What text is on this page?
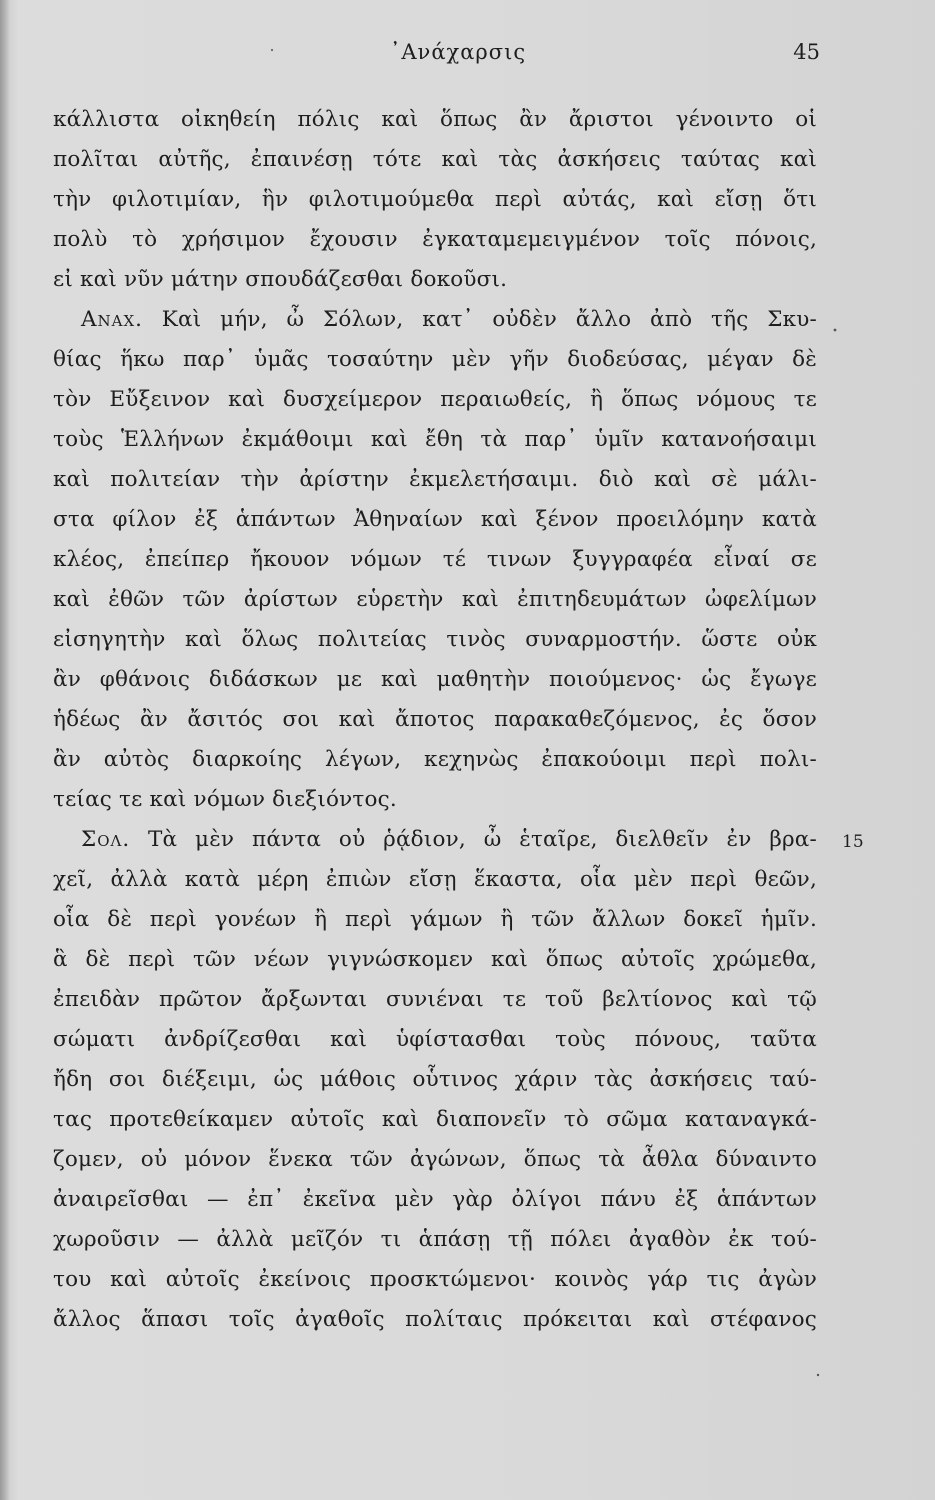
᾿Ανάχαρσις	45
κάλλιστα οἰκηθείη πόλις καὶ ὅπως ἂν ἄριστοι γένοιντο οἱ
πολῖται αὐτῆς, ἐπαινέσῃ τότε καὶ τὰς ἀσκήσεις ταύτας καὶ
τὴν φιλοτιμίαν, ἣν φιλοτιμούμεθα περὶ αὐτάς, καὶ εἴσῃ ὅτι
πολὺ τὸ χρήσιμον ἔχουσιν ἐγκαταμεμειγμένον τοῖς πόνοις,
εἰ καὶ νῦν μάτην σπουδάζεσθαι δοκοῦσι.
Αναχ. Καὶ μήν, ὦ Σόλων, κατ᾿ οὐδὲν ἄλλο ἀπὸ τῆς Σκυ-
θίας ἥκω παρ᾿ ὑμᾶς τοσαύτην μὲν γῆν διοδεύσας, μέγαν δὲ
τὸν Εὔξεινον καὶ δυσχείμερον περαιωθείς, ἢ ὅπως νόμους τε
τοὺς Ἑλλήνων ἐκμάθοιμι καὶ ἔθη τὰ παρ᾿ ὑμῖν κατανοήσαιμι
καὶ πολιτείαν τὴν ἀρίστην ἐκμελετήσαιμι. διὸ καὶ σὲ μάλι-
στα φίλον ἐξ ἁπάντων Ἀθηναίων καὶ ξένον προειλόμην κατὰ
κλέος, ἐπείπερ ἤκουον νόμων τέ τινων ξυγγραφέα εἶναί σε
καὶ ἐθῶν τῶν ἀρίστων εὑρετὴν καὶ ἐπιτηδευμάτων ὠφελίμων
εἰσηγητὴν καὶ ὅλως πολιτείας τινὸς συναρμοστήν. ὥστε οὐκ
ἂν φθάνοις διδάσκων με καὶ μαθητὴν ποιούμενος· ὡς ἔγωγε
ἡδέως ἂν ἄσιτός σοι καὶ ἄποτος παρακαθεζόμενος, ἐς ὅσον
ἂν αὐτὸς διαρκοίης λέγων, κεχηνὼς ἐπακούοιμι περὶ πολι-
τείας τε καὶ νόμων διεξιόντος.
Σολ. Τὰ μὲν πάντα οὐ ῥᾴδιον, ὦ ἑταῖρε, διελθεῖν ἐν βρα-
χεῖ, ἀλλὰ κατὰ μέρη ἐπιὼν εἴσῃ ἕκαστα, οἷα μὲν περὶ θεῶν,
οἷα δὲ περὶ γονέων ἢ περὶ γάμων ἢ τῶν ἄλλων δοκεῖ ἡμῖν.
ἃ δὲ περὶ τῶν νέων γιγνώσκομεν καὶ ὅπως αὐτοῖς χρώμεθα,
ἐπειδὰν πρῶτον ἄρξωνται συνιέναι τε τοῦ βελτίονος καὶ τῷ
σώματι ἀνδρίζεσθαι καὶ ὑφίστασθαι τοὺς πόνους, ταῦτα
ἤδη σοι διέξειμι, ὡς μάθοις οὗτινος χάριν τὰς ἀσκήσεις ταύ-
τας προτεθείκαμεν αὐτοῖς καὶ διαπονεῖν τὸ σῶμα καταναγκά-
ζομεν, οὐ μόνον ἕνεκα τῶν ἀγώνων, ὅπως τὰ ἆθλα δύναιντο
ἀναιρεῖσθαι — ἐπ᾿ ἐκεῖνα μὲν γὰρ ὀλίγοι πάνυ ἐξ ἁπάντων
χωροῦσιν — ἀλλὰ μεῖζόν τι ἁπάσῃ τῇ πόλει ἀγαθὸν ἐκ τού-
του καὶ αὐτοῖς ἐκείνοις προσκτώμενοι· κοινὸς γάρ τις ἀγὼν
ἄλλος ἅπασι τοῖς ἀγαθοῖς πολίταις πρόκειται καὶ στέφανος
15
